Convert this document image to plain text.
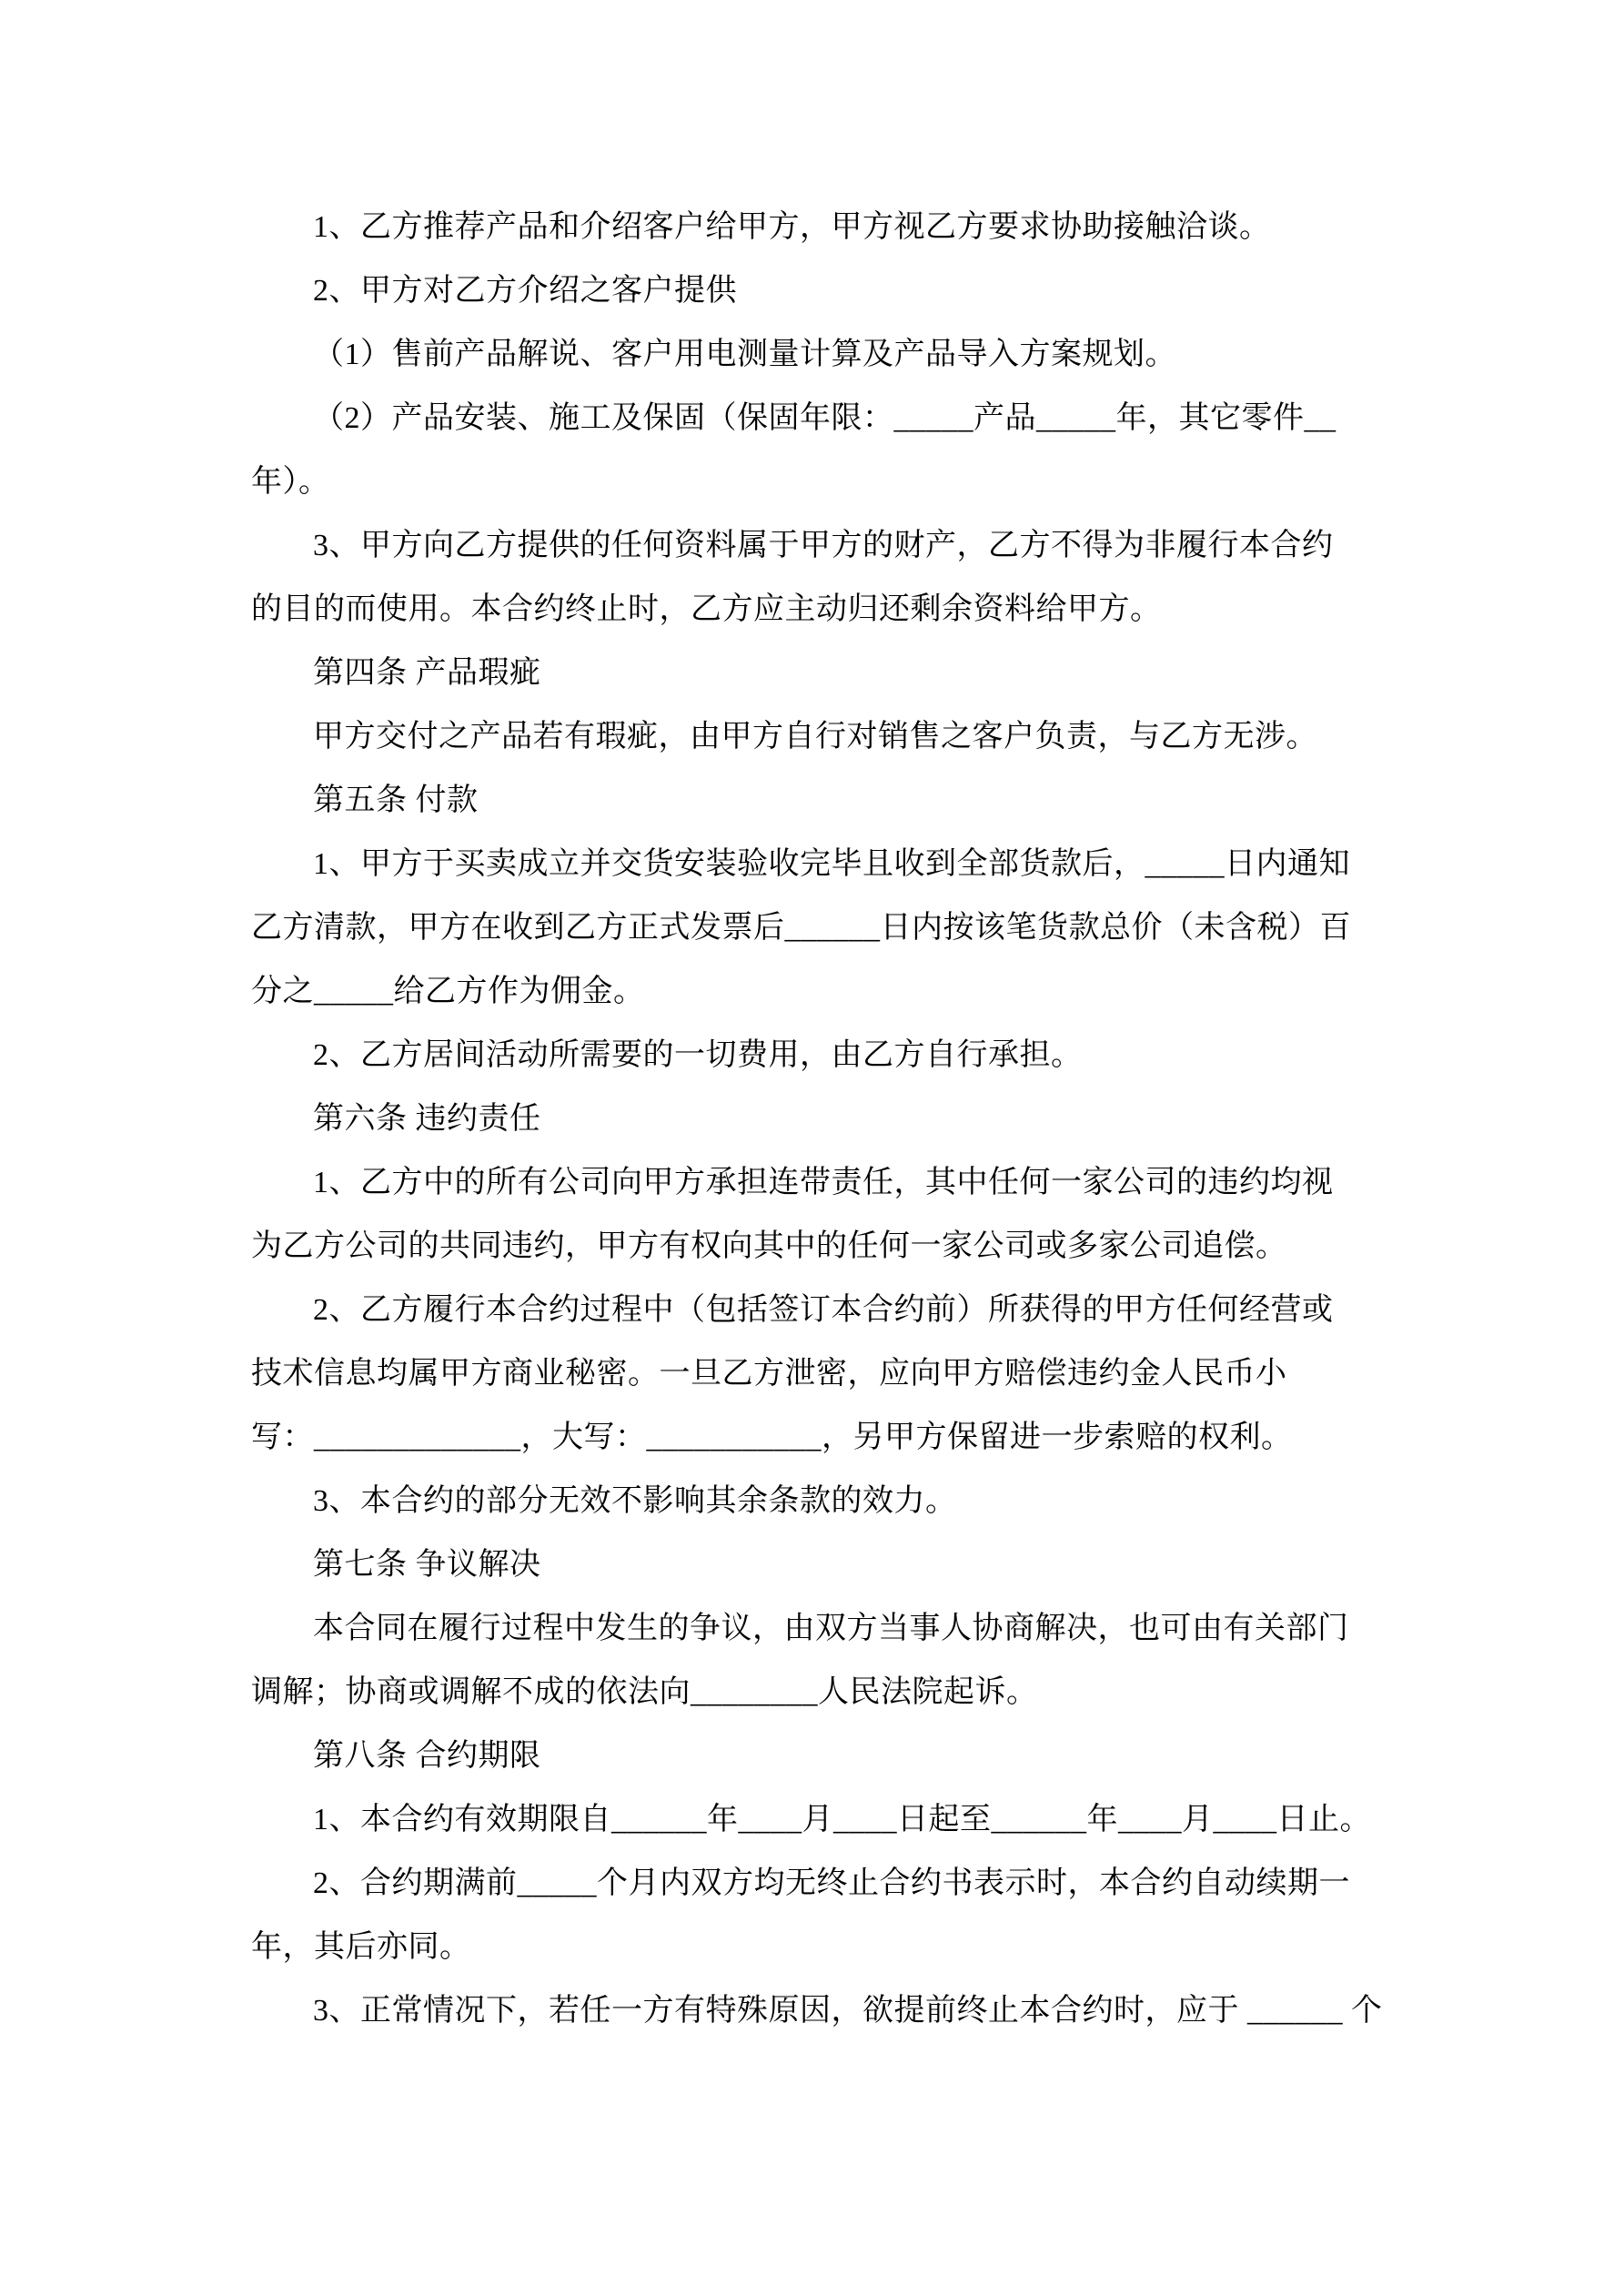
1、乙方推荐产品和介绍客户给甲方，甲方视乙方要求协助接触洽谈。
2、甲方对乙方介绍之客户提供
（1）售前产品解说、客户用电测量计算及产品导入方案规划。
（2）产品安装、施工及保固（保固年限：_____产品_____年，其它零件__
年）。
3、甲方向乙方提供的任何资料属于甲方的财产，乙方不得为非履行本合约
的目的而使用。本合约终止时，乙方应主动归还剩余资料给甲方。
第四条 产品瑕疵
甲方交付之产品若有瑕疵，由甲方自行对销售之客户负责，与乙方无涉。
第五条 付款
1、甲方于买卖成立并交货安装验收完毕且收到全部货款后，_____日内通知
乙方清款，甲方在收到乙方正式发票后______日内按该笔货款总价（未含税）百
分之_____给乙方作为佣金。
2、乙方居间活动所需要的一切费用，由乙方自行承担。
第六条 违约责任
1、乙方中的所有公司向甲方承担连带责任，其中任何一家公司的违约均视
为乙方公司的共同违约，甲方有权向其中的任何一家公司或多家公司追偿。
2、乙方履行本合约过程中（包括签订本合约前）所获得的甲方任何经营或
技术信息均属甲方商业秘密。一旦乙方泄密，应向甲方赔偿违约金人民币小
写：_____________，大写：___________，另甲方保留进一步索赔的权利。
3、本合约的部分无效不影响其余条款的效力。
第七条 争议解决
本合同在履行过程中发生的争议，由双方当事人协商解决，也可由有关部门
调解；协商或调解不成的依法向________人民法院起诉。
第八条 合约期限
1、本合约有效期限自______年____月____日起至______年____月____日止。
2、合约期满前_____个月内双方均无终止合约书表示时，本合约自动续期一
年，其后亦同。
3、正常情况下，若任一方有特殊原因，欲提前终止本合约时，应于 ______ 个
